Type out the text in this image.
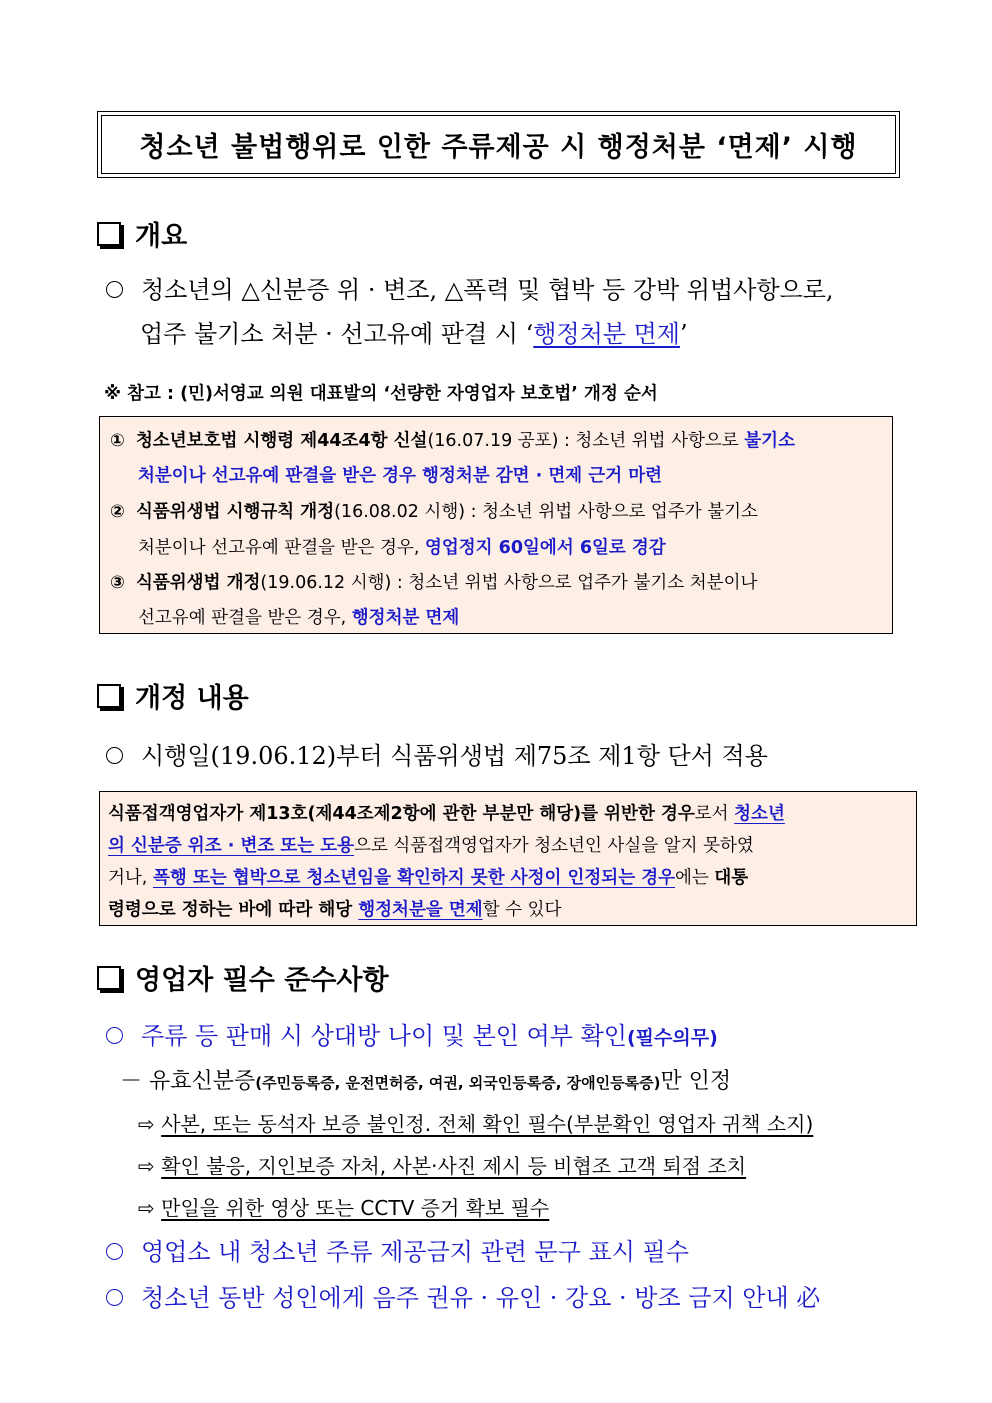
청소년 불법행위로 인한 주류제공 시 행정처분 ‘면제’ 시행
개요
청소년의 △신분증 위 · 변조, △폭력 및 협박 등 강박 위법사항으로,
업주 불기소 처분 · 선고유예 판결 시 ‘행정처분 면제’
※ 참고 : (민)서영교 의원 대표발의 ‘선량한 자영업자 보호법’ 개정 순서
① 청소년보호법 시행령 제44조4항 신설(16.07.19 공포) : 청소년 위법 사항으로 불기소
처분이나 선고유예 판결을 받은 경우 행정처분 감면 · 면제 근거 마련
② 식품위생법 시행규칙 개정(16.08.02 시행) : 청소년 위법 사항으로 업주가 불기소
처분이나 선고유예 판결을 받은 경우, 영업정지 60일에서 6일로 경감
③ 식품위생법 개정(19.06.12 시행) : 청소년 위법 사항으로 업주가 불기소 처분이나
선고유예 판결을 받은 경우, 행정처분 면제
개정 내용
시행일(19.06.12)부터 식품위생법 제75조 제1항 단서 적용
식품접객영업자가 제13호(제44조제2항에 관한 부분만 해당)를 위반한 경우로서 청소년
의 신분증 위조 · 변조 또는 도용으로 식품접객영업자가 청소년인 사실을 알지 못하였
거나, 폭행 또는 협박으로 청소년임을 확인하지 못한 사정이 인정되는 경우에는 대통
령령으로 정하는 바에 따라 해당 행정처분을 면제할 수 있다
영업자 필수 준수사항
주류 등 판매 시 상대방 나이 및 본인 여부 확인(필수의무)
－ 유효신분증(주민등록증, 운전면허증, 여권, 외국인등록증, 장애인등록증)만 인정
⇨ 사본, 또는 동석자 보증 불인정. 전체 확인 필수(부분확인 영업자 귀책 소지)
⇨ 확인 불응, 지인보증 자처, 사본·사진 제시 등 비협조 고객 퇴점 조치
⇨ 만일을 위한 영상 또는 CCTV 증거 확보 필수
영업소 내 청소년 주류 제공금지 관련 문구 표시 필수
청소년 동반 성인에게 음주 권유 · 유인 · 강요 · 방조 금지 안내 必
